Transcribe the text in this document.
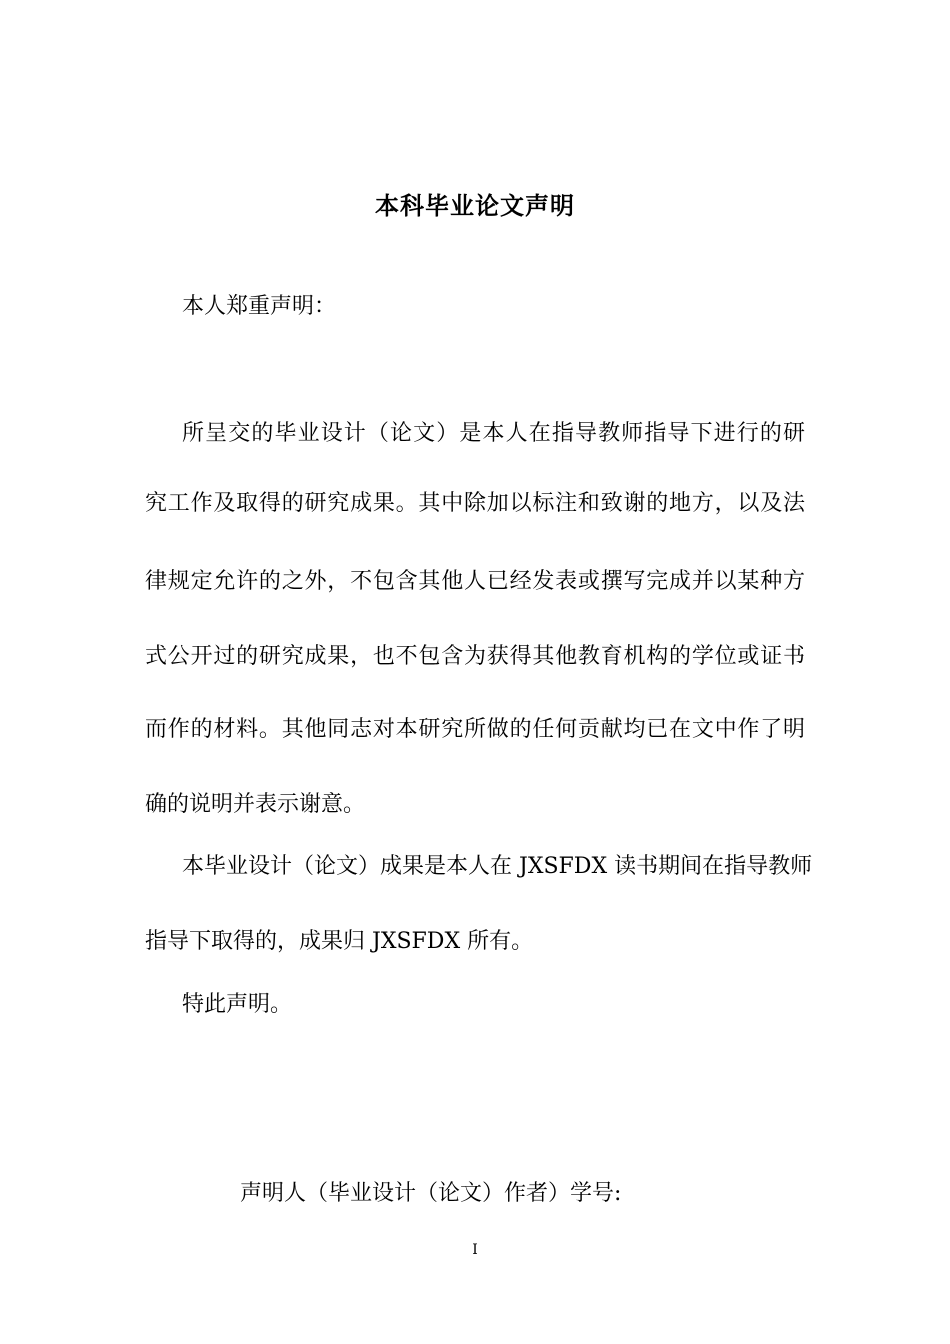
本科毕业论文声明
本人郑重声明：
所呈交的毕业设计（论文）是本人在指导教师指导下进行的研
究工作及取得的研究成果。其中除加以标注和致谢的地方，以及法
律规定允许的之外，不包含其他人已经发表或撰写完成并以某种方
式公开过的研究成果，也不包含为获得其他教育机构的学位或证书
而作的材料。其他同志对本研究所做的任何贡献均已在文中作了明
确的说明并表示谢意。
本毕业设计（论文）成果是本人在 JXSFDX 读书期间在指导教师
指导下取得的，成果归 JXSFDX 所有。
特此声明。
声明人（毕业设计（论文）作者）学号:
I
